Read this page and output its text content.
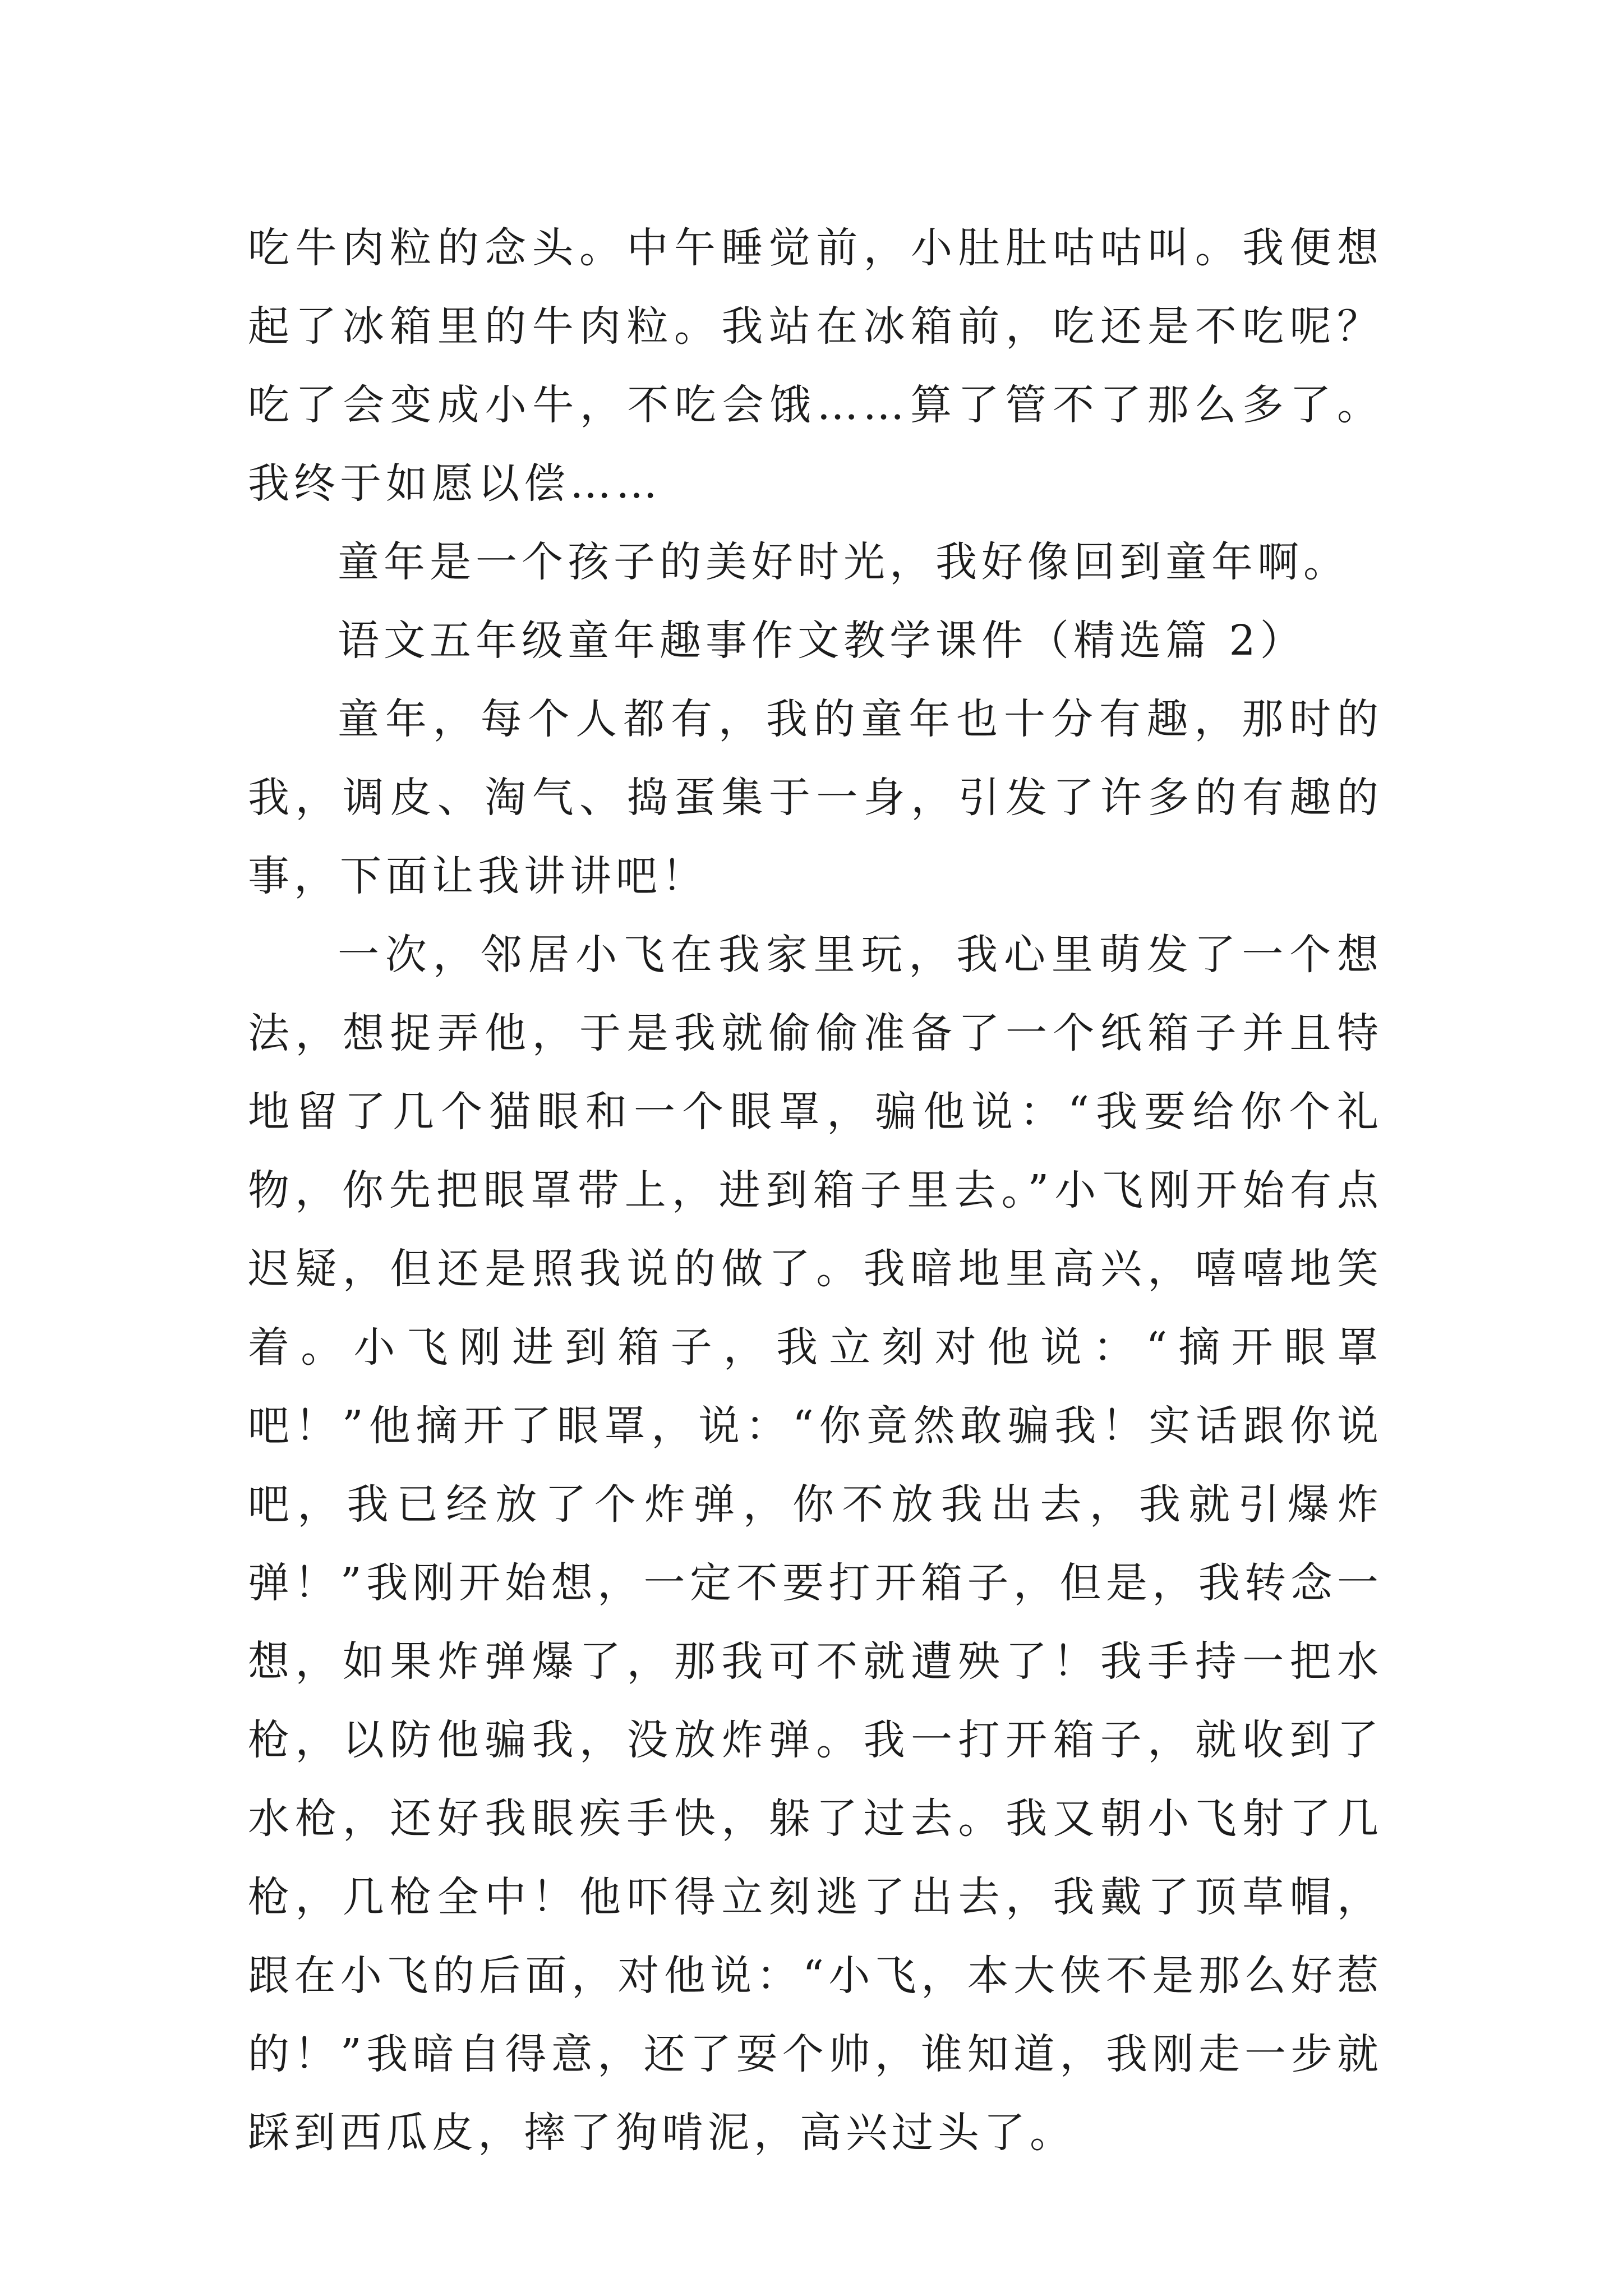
吃牛肉粒的念头。中午睡觉前，小肚肚咕咕叫。我便想起了冰箱里的牛肉粒。我站在冰箱前，吃还是不吃呢？吃了会变成小牛，不吃会饿……算了管不了那么多了。我终于如愿以偿……

童年是一个孩子的美好时光，我好像回到童年啊。

语文五年级童年趣事作文教学课件（精选篇 2）

童年，每个人都有，我的童年也十分有趣，那时的我，调皮、淘气、捣蛋集于一身，引发了许多的有趣的事，下面让我讲讲吧！

一次，邻居小飞在我家里玩，我心里萌发了一个想法，想捉弄他，于是我就偷偷准备了一个纸箱子并且特地留了几个猫眼和一个眼罩，骗他说：“我要给你个礼物，你先把眼罩带上，进到箱子里去。”小飞刚开始有点迟疑，但还是照我说的做了。我暗地里高兴，嘻嘻地笑着。小飞刚进到箱子，我立刻对他说：“摘开眼罩吧！”他摘开了眼罩，说：“你竟然敢骗我！实话跟你说吧，我已经放了个炸弹，你不放我出去，我就引爆炸弹！”我刚开始想，一定不要打开箱子，但是，我转念一想，如果炸弹爆了，那我可不就遭殃了！我手持一把水枪，以防他骗我，没放炸弹。我一打开箱子，就收到了水枪，还好我眼疾手快，躲了过去。我又朝小飞射了几枪，几枪全中！他吓得立刻逃了出去，我戴了顶草帽，跟在小飞的后面，对他说：“小飞，本大侠不是那么好惹的！”我暗自得意，还了耍个帅，谁知道，我刚走一步就踩到西瓜皮，摔了狗啃泥，高兴过头了。
